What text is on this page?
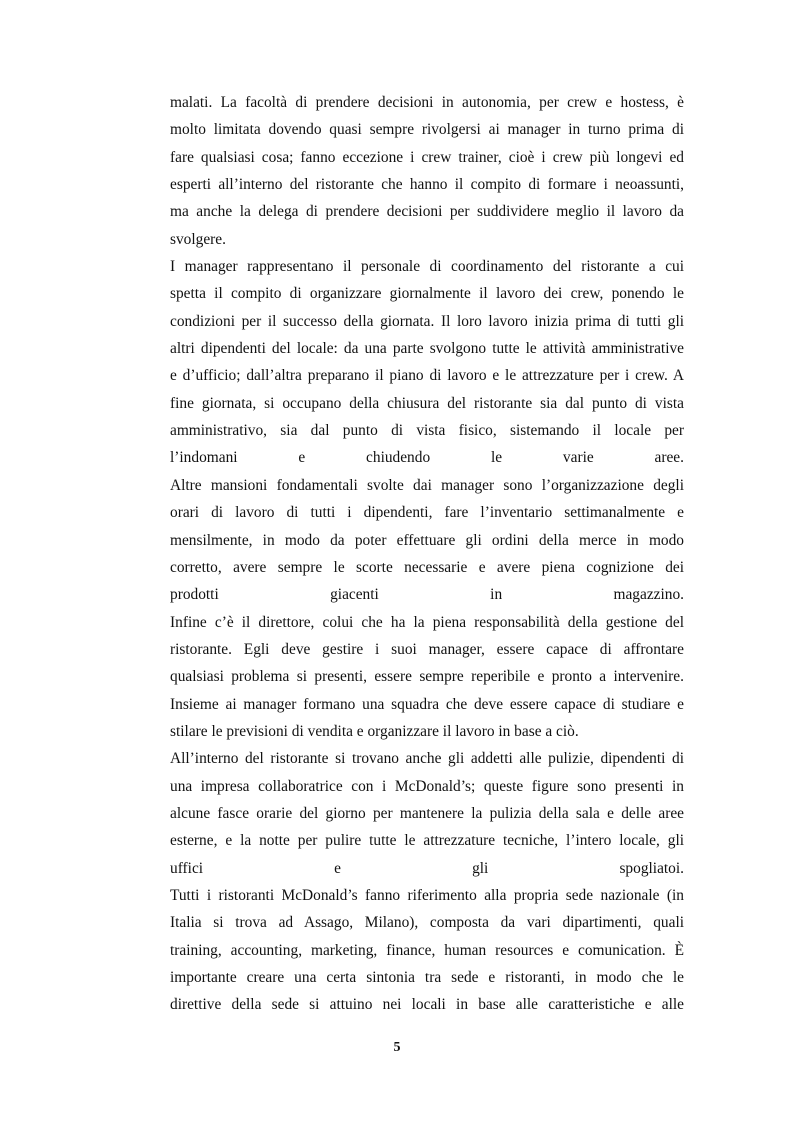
malati. La facoltà di prendere decisioni in autonomia, per crew e hostess, è
molto limitata dovendo quasi sempre rivolgersi ai manager in turno prima di
fare qualsiasi cosa; fanno eccezione i crew trainer, cioè i crew più longevi ed
esperti all’interno del ristorante che hanno il compito di formare i neoassunti,
ma anche la delega di prendere decisioni per suddividere meglio il lavoro da
svolgere.
I manager rappresentano il personale di coordinamento del ristorante a cui
spetta il compito di organizzare giornalmente il lavoro dei crew, ponendo le
condizioni per il successo della giornata. Il loro lavoro inizia prima di tutti gli
altri dipendenti del locale: da una parte svolgono tutte le attività amministrative
e d’ufficio; dall’altra preparano il piano di lavoro e le attrezzature per i crew. A
fine giornata, si occupano della chiusura del ristorante sia dal punto di vista
amministrativo, sia dal punto di vista fisico, sistemando il locale per
l’indomani e chiudendo le varie aree.
Altre mansioni fondamentali svolte dai manager sono l’organizzazione degli
orari di lavoro di tutti i dipendenti, fare l’inventario settimanalmente e
mensilmente, in modo da poter effettuare gli ordini della merce in modo
corretto, avere sempre le scorte necessarie e avere piena cognizione dei
prodotti giacenti in magazzino.
Infine c’è il direttore, colui che ha la piena responsabilità della gestione del
ristorante. Egli deve gestire i suoi manager, essere capace di affrontare
qualsiasi problema si presenti, essere sempre reperibile e pronto a intervenire.
Insieme ai manager formano una squadra che deve essere capace di studiare e
stilare le previsioni di vendita e organizzare il lavoro in base a ciò.
All’interno del ristorante si trovano anche gli addetti alle pulizie, dipendenti di
una impresa collaboratrice con i McDonald’s; queste figure sono presenti in
alcune fasce orarie del giorno per mantenere la pulizia della sala e delle aree
esterne, e la notte per pulire tutte le attrezzature tecniche, l’intero locale, gli
uffici e gli spogliatoi.
Tutti i ristoranti McDonald’s fanno riferimento alla propria sede nazionale (in
Italia si trova ad Assago, Milano), composta da vari dipartimenti, quali
training, accounting, marketing, finance, human resources e comunication. È
importante creare una certa sintonia tra sede e ristoranti, in modo che le
direttive della sede si attuino nei locali in base alle caratteristiche e alle
5
